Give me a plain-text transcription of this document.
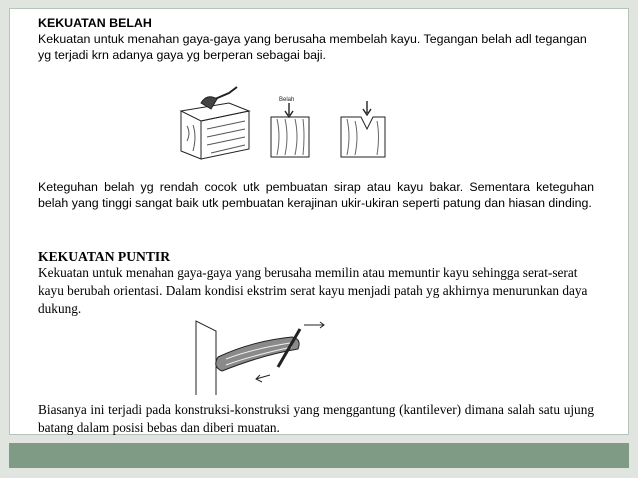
KEKUATAN BELAH

Kekuatan untuk menahan gaya-gaya yang berusaha membelah kayu. Tegangan belah adl tegangan yg terjadi krn adanya gaya yg berperan sebagai baji.

Belah

Keteguhan belah yg rendah cocok utk pembuatan sirap atau kayu bakar. Sementara keteguhan belah yang tinggi sangat baik utk pembuatan kerajinan ukir-ukiran seperti patung dan hiasan dinding.

KEKUATAN PUNTIR

Kekuatan untuk menahan gaya-gaya yang berusaha memilin atau memuntir kayu sehingga serat-serat kayu berubah orientasi. Dalam kondisi ekstrim serat kayu menjadi patah yg akhirnya menurunkan daya dukung.

Biasanya ini terjadi pada konstruksi-konstruksi yang menggantung (kantilever) dimana salah satu ujung batang dalam posisi bebas dan diberi muatan.
